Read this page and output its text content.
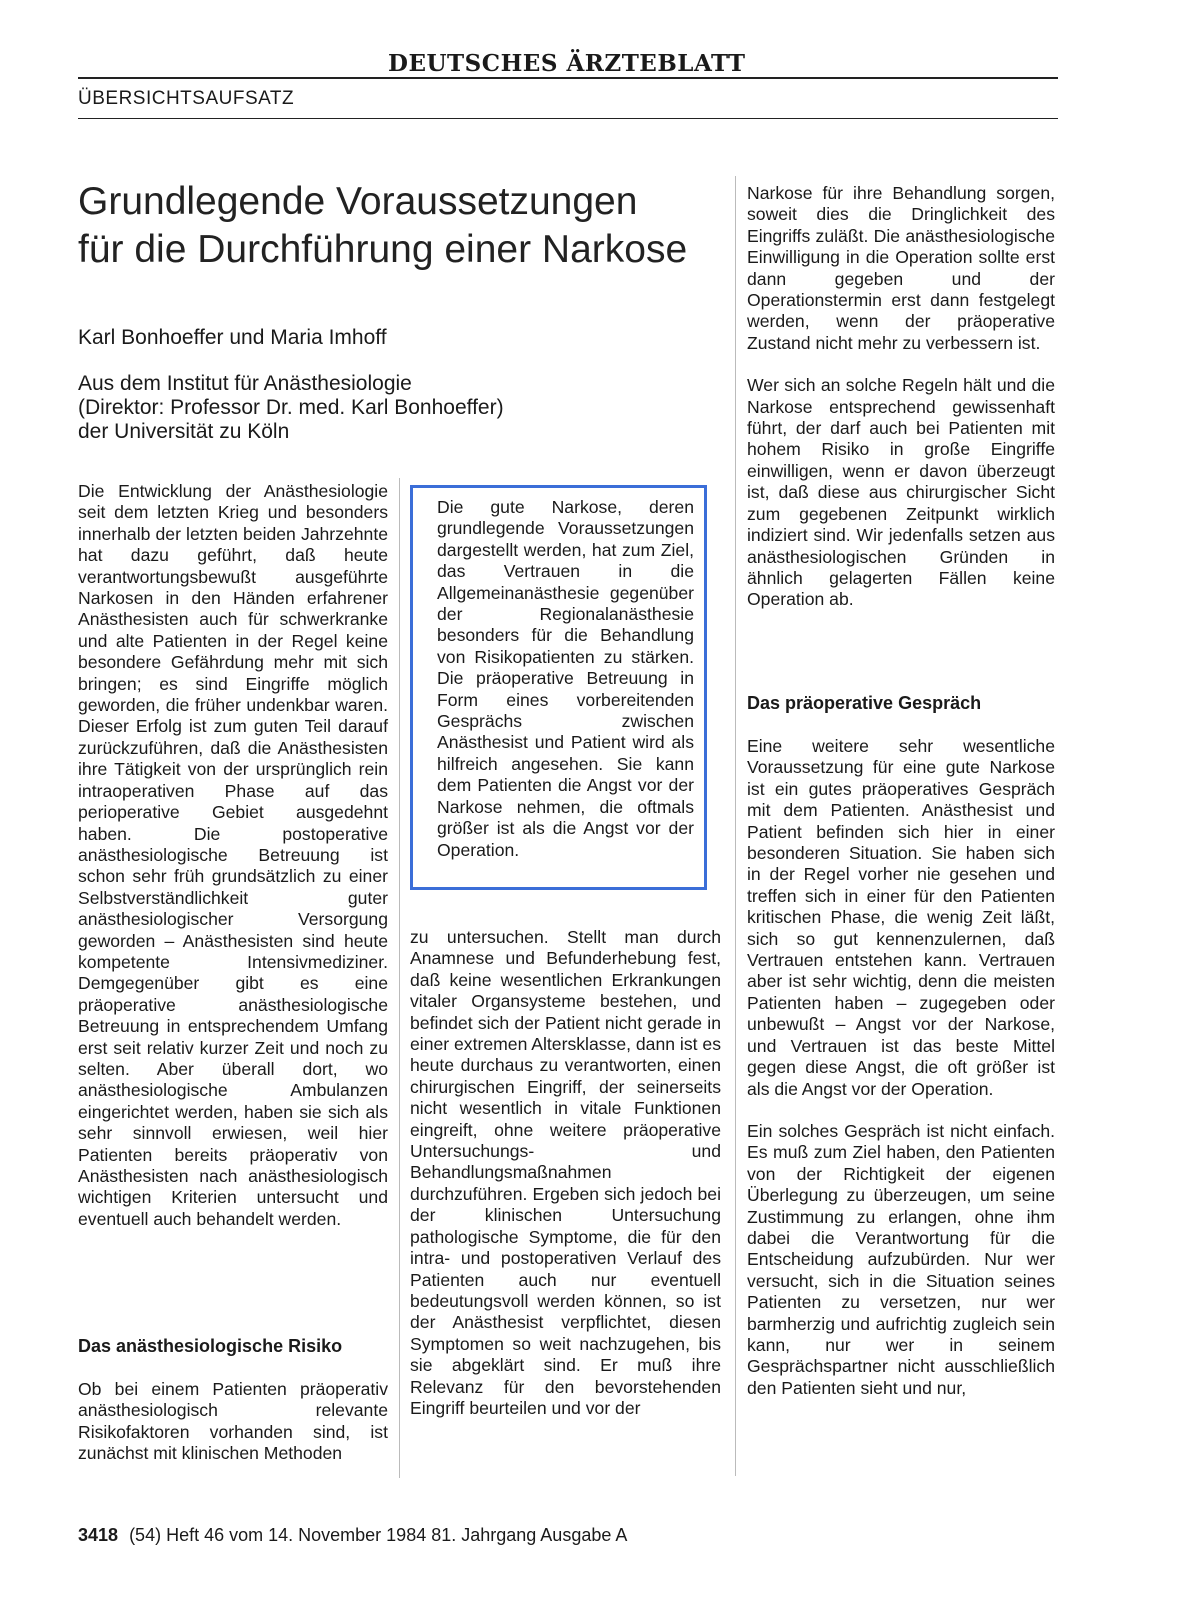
DEUTSCHES ÄRZTEBLATT
ÜBERSICHTSAUFSATZ
Grundlegende Voraussetzungen
für die Durchführung einer Narkose
Karl Bonhoeffer und Maria Imhoff
Aus dem Institut für Anästhesiologie
(Direktor: Professor Dr. med. Karl Bonhoeffer)
der Universität zu Köln

Die Entwicklung der Anästhesiologie seit dem letzten Krieg und besonders innerhalb der letzten beiden Jahrzehnte hat dazu geführt, daß heute verantwortungsbewußt ausgeführte Narkosen in den Händen erfahrener Anästhesisten auch für schwerkranke und alte Patienten in der Regel keine besondere Gefährdung mehr mit sich bringen; es sind Eingriffe möglich geworden, die früher undenkbar waren. Dieser Erfolg ist zum guten Teil darauf zurückzuführen, daß die Anästhesisten ihre Tätigkeit von der ursprünglich rein intraoperativen Phase auf das perioperative Gebiet ausgedehnt haben. Die postoperative anästhesiologische Betreuung ist schon sehr früh grundsätzlich zu einer Selbstverständlichkeit guter anästhesiologischer Versorgung geworden – Anästhesisten sind heute kompetente Intensivmediziner. Demgegenüber gibt es eine präoperative anästhesiologische Betreuung in entsprechendem Umfang erst seit relativ kurzer Zeit und noch zu selten. Aber überall dort, wo anästhesiologische Ambulanzen eingerichtet werden, haben sie sich als sehr sinnvoll erwiesen, weil hier Patienten bereits präoperativ von Anästhesisten nach anästhesiologisch wichtigen Kriterien untersucht und eventuell auch behandelt werden.

Das anästhesiologische Risiko

Ob bei einem Patienten präoperativ anästhesiologisch relevante Risikofaktoren vorhanden sind, ist zunächst mit klinischen Methoden

Die gute Narkose, deren grundlegende Voraussetzungen dargestellt werden, hat zum Ziel, das Vertrauen in die Allgemeinanästhesie gegenüber der Regionalanästhesie besonders für die Behandlung von Risikopatienten zu stärken. Die präoperative Betreuung in Form eines vorbereitenden Gesprächs zwischen Anästhesist und Patient wird als hilfreich angesehen. Sie kann dem Patienten die Angst vor der Narkose nehmen, die oftmals größer ist als die Angst vor der Operation.

zu untersuchen. Stellt man durch Anamnese und Befunderhebung fest, daß keine wesentlichen Erkrankungen vitaler Organsysteme bestehen, und befindet sich der Patient nicht gerade in einer extremen Altersklasse, dann ist es heute durchaus zu verantworten, einen chirurgischen Eingriff, der seinerseits nicht wesentlich in vitale Funktionen eingreift, ohne weitere präoperative Untersuchungs- und Behandlungsmaßnahmen durchzuführen. Ergeben sich jedoch bei der klinischen Untersuchung pathologische Symptome, die für den intra- und postoperativen Verlauf des Patienten auch nur eventuell bedeutungsvoll werden können, so ist der Anästhesist verpflichtet, diesen Symptomen so weit nachzugehen, bis sie abgeklärt sind. Er muß ihre Relevanz für den bevorstehenden Eingriff beurteilen und vor der

Narkose für ihre Behandlung sorgen, soweit dies die Dringlichkeit des Eingriffs zuläßt. Die anästhesiologische Einwilligung in die Operation sollte erst dann gegeben und der Operationstermin erst dann festgelegt werden, wenn der präoperative Zustand nicht mehr zu verbessern ist.

Wer sich an solche Regeln hält und die Narkose entsprechend gewissenhaft führt, der darf auch bei Patienten mit hohem Risiko in große Eingriffe einwilligen, wenn er davon überzeugt ist, daß diese aus chirurgischer Sicht zum gegebenen Zeitpunkt wirklich indiziert sind. Wir jedenfalls setzen aus anästhesiologischen Gründen in ähnlich gelagerten Fällen keine Operation ab.

Das präoperative Gespräch

Eine weitere sehr wesentliche Voraussetzung für eine gute Narkose ist ein gutes präoperatives Gespräch mit dem Patienten. Anästhesist und Patient befinden sich hier in einer besonderen Situation. Sie haben sich in der Regel vorher nie gesehen und treffen sich in einer für den Patienten kritischen Phase, die wenig Zeit läßt, sich so gut kennenzulernen, daß Vertrauen entstehen kann. Vertrauen aber ist sehr wichtig, denn die meisten Patienten haben – zugegeben oder unbewußt – Angst vor der Narkose, und Vertrauen ist das beste Mittel gegen diese Angst, die oft größer ist als die Angst vor der Operation.

Ein solches Gespräch ist nicht einfach. Es muß zum Ziel haben, den Patienten von der Richtigkeit der eigenen Überlegung zu überzeugen, um seine Zustimmung zu erlangen, ohne ihm dabei die Verantwortung für die Entscheidung aufzubürden. Nur wer versucht, sich in die Situation seines Patienten zu versetzen, nur wer barmherzig und aufrichtig zugleich sein kann, nur wer in seinem Gesprächspartner nicht ausschließlich den Patienten sieht und nur,

3418 (54) Heft 46 vom 14. November 1984 81. Jahrgang Ausgabe A
